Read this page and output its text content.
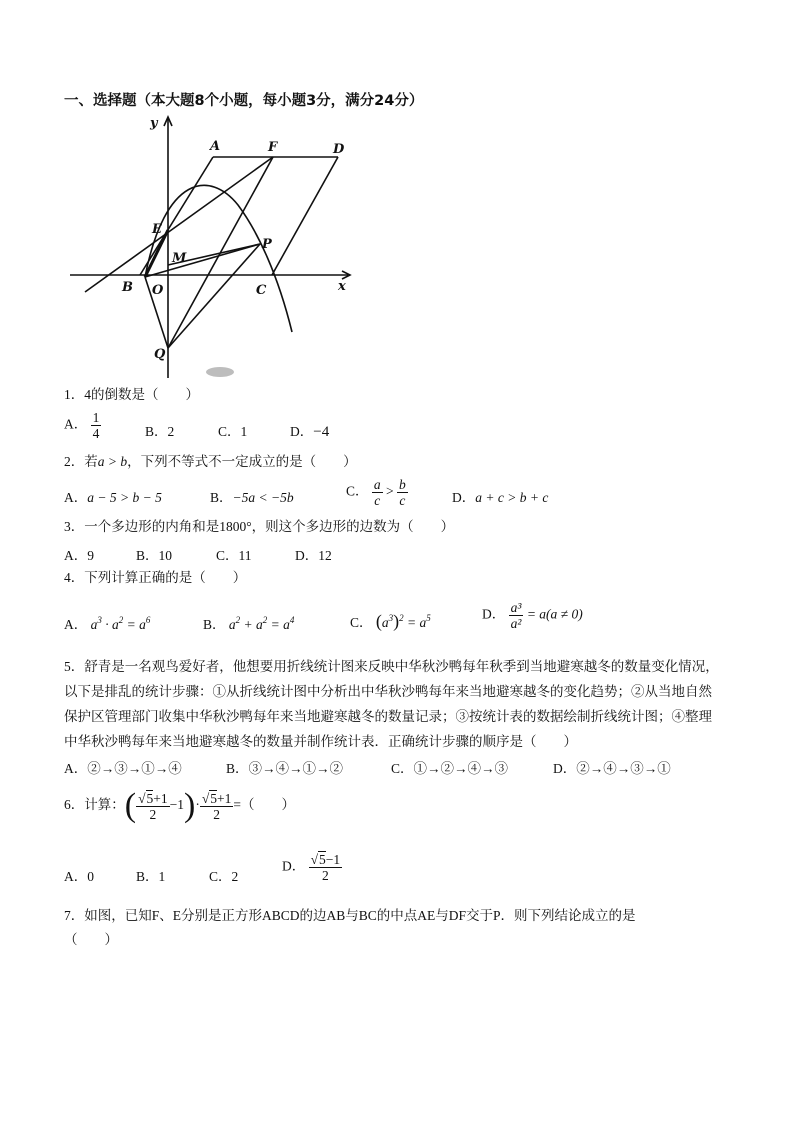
一、选择题（本大题8个小题，每小题3分，满分24分）
y
x
A	F	D
E
M
P
B O	C
Q
1．4的倒数是（　　）
A． $\frac{1}{4}$	B．2	C．1	D．−4
2．若a > b，下列不等式不一定成立的是（　　）
A．a − 5 > b − 5	B．−5a < −5b	C． $\frac{a}{c} > \frac{b}{c}$	D．a + c > b + c
3．一个多边形的内角和是1800°，则这个多边形的边数为（　　）
A．9	B．10	C．11	D．12
4．下列计算正确的是（　　）
A． $a^3 \cdot a^2 = a^6$	B． $a^2 + a^2 = a^4$	C． $(a^3)^2 = a^5$	D． $\frac{\text{a³}}{\text{a²}} = a(a \ne 0)$
5．舒青是一名观鸟爱好者，他想要用折线统计图来反映中华秋沙鸭每年秋季到当地避寒越冬的数量变化情况，
以下是排乱的统计步骤：①从折线统计图中分析出中华秋沙鸭每年来当地避寒越冬的变化趋势；②从当地自然
保护区管理部门收集中华秋沙鸭每年来当地避寒越冬的数量记录；③按统计表的数据绘制折线统计图；④整理
中华秋沙鸭每年来当地避寒越冬的数量并制作统计表．正确统计步骤的顺序是（　　）
A．②→③→①→④	B．③→④→①→②	C．①→②→④→③	D．②→④→③→①
6．计算：( $\frac{√5+1}{2} -1)\cdot \frac{√5+1}{2}$ =（　　）
A．0	B．1	C．2
D． $\frac{√5-1}{2}$
7．如图，已知F、E分别是正方形ABCD的边AB与BC的中点AE与DF交于P．则下列结论成立的是
（　　）
